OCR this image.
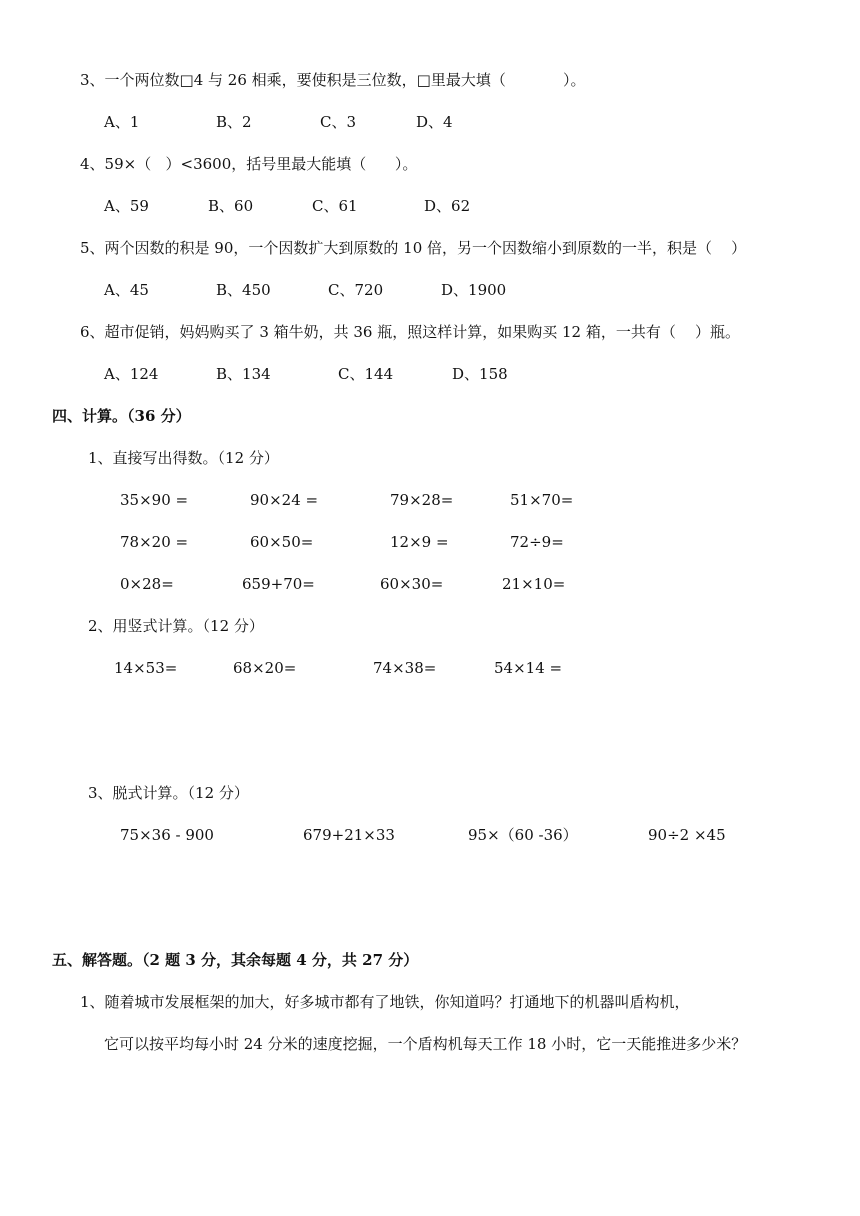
3、一个两位数□4 与 26 相乘，要使积是三位数，□里最大填（            ）。
A、1	B、2	C、3	D、4
4、59×（   ）<3600，括号里最大能填（      ）。
A、59	B、60	C、61	D、62
5、两个因数的积是 90，一个因数扩大到原数的 10 倍，另一个因数缩小到原数的一半，积是（    ）
A、45	B、450	C、720	D、1900
6、超市促销，妈妈购买了 3 箱牛奶，共 36 瓶，照这样计算，如果购买 12 箱，一共有（    ）瓶。
A、124	B、134	C、144	D、158
四、计算。（36 分）
1、直接写出得数。（12 分）
35×90 =	90×24 =	79×28=	51×70=
78×20 =	60×50=	12×9 =	72÷9=
0×28=	659+70=	60×30=	21×10=
2、用竖式计算。（12 分）
14×53=	68×20=	74×38=	54×14 =
3、脱式计算。（12 分）
75×36 - 900	679+21×33	95×（60 -36）	90÷2 ×45
五、解答题。（2 题 3 分，其余每题 4 分，共 27 分）
1、随着城市发展框架的加大，好多城市都有了地铁，你知道吗？打通地下的机器叫盾构机，
它可以按平均每小时 24 分米的速度挖掘，一个盾构机每天工作 18 小时，它一天能推进多少米？
